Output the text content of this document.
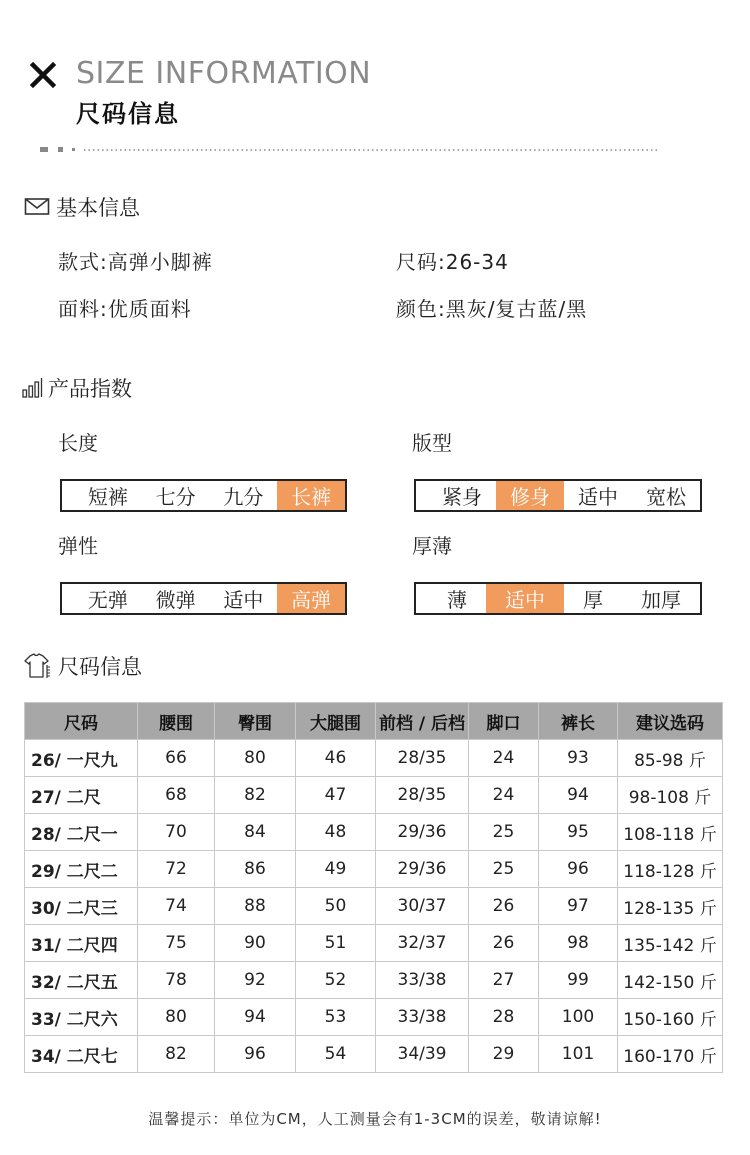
SIZE INFORMATION
尺码信息
基本信息
款式:高弹小脚裤	尺码:26-34
面料:优质面料	颜色:黑灰/复古蓝/黑
产品指数
长度	版型
弹性	厚薄
短裤	七分	九分	长裤	紧身	修身	适中	宽松
无弹	微弹	适中	高弹	薄	适中	厚	加厚
尺码信息
尺码	腰围	臀围	大腿围	前档 / 后档	脚口	裤长	建议选码
26/ 一尺九	66	80	46	28/35	24	93	85-98 斤
27/ 二尺	68	82	47	28/35	24	94	98-108 斤
28/ 二尺一	70	84	48	29/36	25	95	108-118 斤
29/ 二尺二	72	86	49	29/36	25	96	118-128 斤
30/ 二尺三	74	88	50	30/37	26	97	128-135 斤
31/ 二尺四	75	90	51	32/37	26	98	135-142 斤
32/ 二尺五	78	92	52	33/38	27	99	142-150 斤
33/ 二尺六	80	94	53	33/38	28	100	150-160 斤
34/ 二尺七	82	96	54	34/39	29	101	160-170 斤
温馨提示：单位为CM，人工测量会有1-3CM的误差，敬请谅解!
